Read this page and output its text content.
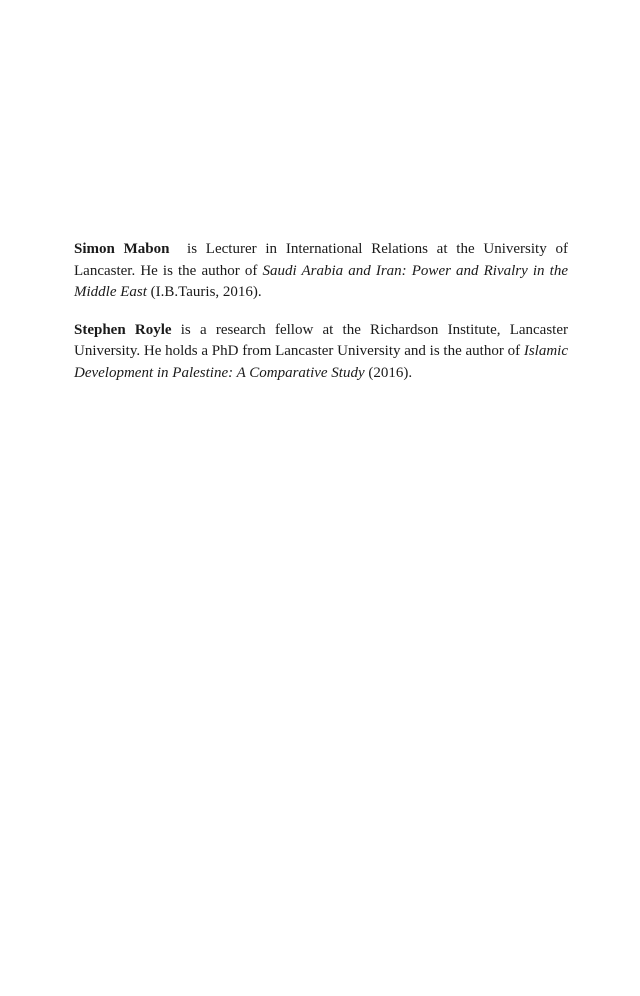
Simon Mabon  is Lecturer in International Relations at the University of Lancaster. He is the author of Saudi Arabia and Iran: Power and Rivalry in the Middle East (I.B.Tauris, 2016).

Stephen Royle is a research fellow at the Richardson Institute, Lancaster University. He holds a PhD from Lancaster University and is the author of Islamic Development in Palestine: A Comparative Study (2016).
